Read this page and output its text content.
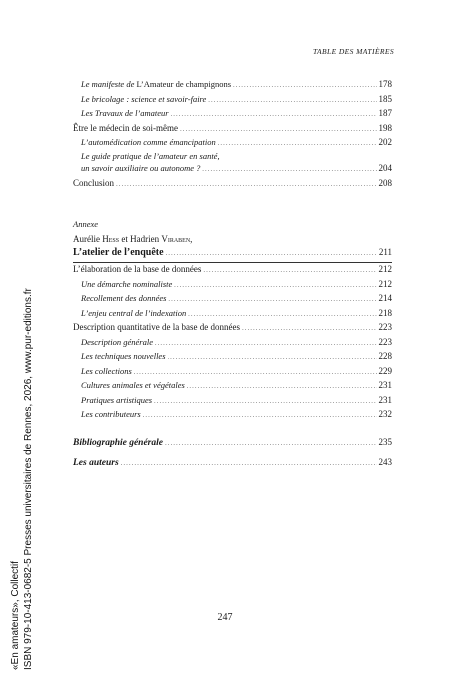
TABLE DES MATIÈRES
Le manifeste de L’Amateur de champignons .....	178
Le bricolage : science et savoir-faire .....	185
Les Travaux de l’amateur .....	187
Être le médecin de soi-même .....	198
L’automédication comme émancipation .....	202
Le guide pratique de l’amateur en santé,
un savoir auxiliaire ou autonome ? .....	204
Conclusion .....	208
Annexe
Aurélie Hess et Hadrien Viraben,
L’atelier de l’enquête .....	211
L’élaboration de la base de données .....	212
Une démarche nominaliste .....	212
Recollement des données .....	214
L’enjeu central de l’indexation .....	218
Description quantitative de la base de données .....	223
Description générale .....	223
Les techniques nouvelles .....	228
Les collections .....	229
Cultures animales et végétales .....	231
Pratiques artistiques .....	231
Les contributeurs .....	232
Bibliographie générale .....	235
Les auteurs .....	243
247
«En amateurs», Collectif ISBN 979-10-413-0682-5 Presses universitaires de Rennes, 2026, www.pur-editions.fr
